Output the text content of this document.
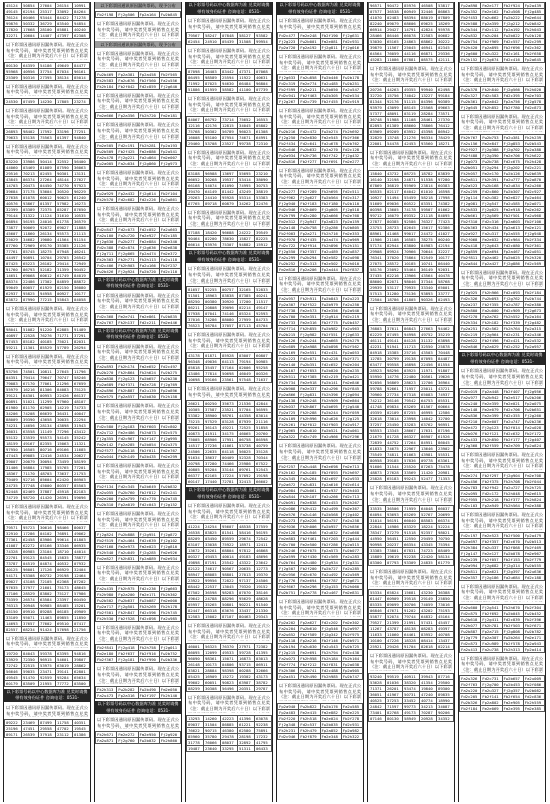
45124	50854	27604	26154	10991
49145	62194	25317	33092	84264
76124	00466	93444	84422	71278
99876	50332	36729	03540	94854
17820	17668	28100	05881	40240
32271	10604	14407	47397	62308
以下彩票因通讯原因漏传票码。现在正式公布中奖号码，请中奖者凭票到销售点兑奖（注：截止日期为开奖后六十日）以下彩票
00130	64359	54186	49649	84477
95968	40956	37754	87034	96161
25309	50316	27395	38134	85014
以下彩票因通讯原因漏传票码。现在正式公布中奖号码，请中奖者凭票到销售点兑奖
24530	07459	14230	17805	23274
以下彩票因通讯原因漏传票码。现在正式公布中奖号码，请中奖者凭票到销售点兑奖（注：截止日期为开奖后六十日）以下彩票
26893	98402	17592	33196	77251
79633	55138	75563	01397	94840
以下彩票因通讯原因漏传票码。现在正式公布中奖号码，请中奖者凭票到销售点兑奖
83220	33986	50414	32552	56400
44060	03469	81089	87590	36063
29516	70213	02455	90301	13131
43845	86374	27264	48144	27627
14703	20473	04450	74770	97923
39684	37175	53604	30520	96229
27638	01078	60012	90025	61240
40576	93867	01357	57982	16273
32399	03389	72375	85287	87650
79144	31322	11124	31610	10535
06894	56195	24016	61778	36579
73877	90069	92072	69027	11888
45607	11860	26134	95573	21113
25029	34682	19080	41564	91154
87760	72969	69170	35385	21126
77761	85745	18275	07948	46241
44497	90891	10704	29703	26542
07425	65223	26102	29414	72949
91760	86793	52182	31359	90452
14651	69068	60612	61749	84019
88374	22486	17302	84859	88872
59049	60057	61929	02150	36080
62937	95825	94958	00927	10177
63872	87990	77215	55843	04058
以下彩票因通讯原因漏传票码。现在正式公布中奖号码，请中奖者凭票到销售点兑奖（注：截止日期为开奖后六十日）以下彩票
98041	51082	91220	62885	91489
40897	12528	76276	71771	37291
97453	85182	40185	75021	82031
59211	11301	85529	57789	26294
以下彩票因通讯原因漏传票码。现在正式公布中奖号码，请中奖者凭票到销售点兑奖
93756	74501	10811	27645	11796
04351	79414	79647	70747	58246
79083	67170	77061	21296	67659
55979	16216	81306	84083	75125
39121	84301	00953	22426	66137
00891	51021	11299	97960	48107
61980	81170	02905	14219	74733
34206	74208	66639	36431	40047
88009	39390	43658	30035	22294
74231	14656	28134	43898	31943
36031	63558	11149	77296	43412
55132	33539	95573	54145	35242
18159	49167	82355	15063	11321
97950	16505	80716	69166	11685
47443	09085	12416	24534	20627
39007	20079	30094	73459	58199
31406	56884	17985	55765	77201
18367	71170	48703	73637	21753
79409	92716	05604	62420	86903
24735	37748	45000	80357	85503
92448	02469	37887	45918	82183
74719	98720	41420	26391	59096
以下彩票因通讯原因漏传票码。现在正式公布中奖号码，请中奖者凭票到销售点兑奖（注：截止日期为开奖后六十日）以下彩票
79571	95723	30616	98466	80037
32910	17286	04102	76891	49062
77361	62458	83986	99614	01803
41087	62272	05166	33346	06935
74328	60985	23104	18710	44014
22701	59123	84545	15835	78877
73787	04519	04874	40532	07932
40125	96001	17126	06929	32404
54171	93308	60732	29198	12464
09027	43108	72105	62368	07202
97635	37977	21601	75173	48645
17106	28529	83802	75127	57986
75359	26574	63584	23397	60450
76313	30948	90985	88485	15201
45150	09910	89288	06185	49909
33109	95071	11463	89855	11850
14693	37657	77602	69510	07417
82557	68234	91424	57698	21756
以下彩票因通讯原因漏传票码。现在正式公布中奖号码，请中奖者凭票到销售点兑奖
19720	84043	59378	63395	94816
53929	72350	96915	54601	39807
72742	32515	53975	63019	28862
56646	59035	23471	39141	62801
49545	91470	92559	95284	65634
60179	83509	21955	77772	03500
以下彩票号码以中心数据库为准 兑奖时请携带有效身份证件 咨询电话：0531-
以下彩票因通讯原因漏传票码。现在正式公布中奖号码，请中奖者凭票到销售点兑奖
09222	23469	87499	11758	40351
25196	47451	29558	47702	19545
89171	26539	37918	23112	01386
以下彩票因通讯原因漏传票码，现予公布
Fb2f198	Fj2g506	Fp2a164	Fw2b845
以下彩票因通讯原因漏传票码。现在正式公布中奖号码，请中奖者凭票到销售点兑奖（注：截止日期为开奖后六十日）以下彩票
以下彩票因通讯原因漏传票码，现予公布
以下彩票因通讯原因漏传票码。现在正式公布中奖号码，请中奖者凭票到销售点兑奖（注：截止日期为开奖后六十日）以下彩票
Fw2b469	Fp2a381	Fp2a458	Fb2f565
Fk2h583	Fa2u676	Fb2f560	Fa2u556
Fk2h184	Fb2f042	Fd2c859	Fj2g640
以下彩票因通讯原因漏传票码。现在正式公布中奖号码，请中奖者凭票到销售点兑奖（注：截止日期为开奖后六十日）以下彩票
Fm2e666	Fp2a356	Fk2h720	Fm2e181
以下彩票因通讯原因漏传票码。现在正式公布中奖号码，请中奖者凭票到销售点兑奖（注：截止日期为开奖后六十日）以下彩票
Fm2e505	Fd2c191	Fk2h281	Fp2a193
Fw2b509	Fb2f425	Fm2e886	Fp2a541
Fa2u478	Fj2g221	Fa2u864	Fm2e007
Fp2a005	Fa2u034	Fj2g860	Fj2g973
以下彩票因通讯原因漏传票码。现在正式公布中奖号码，请中奖者凭票到销售点兑奖（注：截止日期为开奖后六十日）以下彩票
Fp2a929	Fp2a432	Fj2g614	Fb2f104
Fk2h570	Fd2c682	Fd2c226	Fp2a861
以下彩票因通讯原因漏传票码。现在正式公布中奖号码，请中奖者凭票到销售点兑奖（注：截止日期为开奖后六十日）以下彩票
Fd2c847	Fd2c073	Fd2c052	Fa2u663
Fa2u100	Fa2u720	Fm2e927	Fd2c185
Fj2g630	Fw2b277	Fm2e884	Fm2e340
Fd2c388	Fd2c874	Fj2g636	Fm2e838
Fj2g711	Fj2g065	Fp2a474	Fm2e372
Fk2h303	Fk2h771	Fk2h113	Fa2u118
Fd2c406	Fk2h903	Fa2u166	Fb2f237
Fw2b426	Fj2g924	Fw2b720	Fd2c110
以下彩票号码以中心数据库为准 兑奖时请携带有效身份证件 咨询电话：0531-
以下彩票因通讯原因漏传票码。现在正式公布中奖号码，请中奖者凭票到销售点兑奖（注：截止日期为开奖后六十日）以下彩票
Fd2c368	Fm2e741	Fm2e861	Fw2b835
Fa2u767	Fk2h137	Fd2c211	Fm2e446
以下彩票号码以中心数据库为准 兑奖时请携带有效身份证件 咨询电话：0531-
以下彩票因通讯原因漏传票码。现在正式公布中奖号码，请中奖者凭票到销售点兑奖（注：截止日期为开奖后六十日）以下彩票
Fa2u893	Fk2h174	Fm2e652	Fd2c497
Fw2b270	Fk2h864	Fk2h624	Fw2b275
Fp2a838	Fj2g123	Fw2b657	Fw2b230
Fp2a689	Fb2f371	Fm2e728	Fj2g769
Fa2u896	Fk2h887	Fa2u139	Fp2a896
Fm2e575	Fp2a557	Fw2b030	Fk2h158
以下彩票因通讯原因漏传票码。现在正式公布中奖号码，请中奖者凭票到销售点兑奖（注：截止日期为开奖后六十日）以下彩票
Fd2c580	Fj2g183	Fb2f603	Fd2c802
Fa2u712	Fm2e486	Fk2h073	Fd2c575
Fj2g355	Fd2c967	Fb2f147	Fj2g995
Fm2e142	Fp2a285	Fw2b054	Fa2u375
Fb2f577	Fw2b118	Fb2f011	Fm2e767
Fa2u044	Fk2h149	Fw2b435	Fm2e299
以下彩票因通讯原因漏传票码。现在正式公布中奖号码，请中奖者凭票到销售点兑奖（注：截止日期为开奖后六十日）以下彩票
Fb2f134	Fd2c345	Fw2b649	Fw2b832
Fa2u055	Fw2b760	Fb2f812	Fd2c241
Fm2e200	Fp2a759	Fd2c770	Fp2a745
Fw2b310	Fp2a019	Fd2c043	Fj2g152
以下彩票因通讯原因漏传票码。现在正式公布中奖号码，请中奖者凭票到销售点兑奖（注：截止日期为开奖后六十日）以下彩票
Fj2g824	Fw2b888	Fj2g951	Fj2g872
Fb2f519	Fa2u464	Fd2c639	Fj2g102
Fb2f168	Fm2e973	Fm2e023	Fj2g810
Fk2h540	Fa2u049	Fj2g285	Fm2e926
Fm2e827	Fk2h831	Fp2a889	Fm2e934
以下彩票因通讯原因漏传票码。现在正式公布中奖号码，请中奖者凭票到销售点兑奖（注：截止日期为开奖后六十日）以下彩票
Fa2u435	Fk2h975	Fd2c236	Fj2g663
Fk2h980	Fp2a200	Fm2e171	Fk2h362
Fw2b502	Fw2b637	Fw2b087	Fm2e000
Fp2a717	Fj2g501	Fk2h269	Fk2h178
Fb2f501	Fk2h847	Fd2c596	Fk2h745
Fk2h530	Fb2f528	Fd2c898	Fa2u985
以下彩票因通讯原因漏传票码。现在正式公布中奖号码，请中奖者凭票到销售点兑奖（注：截止日期为开奖后六十日）以下彩票
Fb2f841	Fj2g418	Fk2h758	Fj2g011
Fm2e180	Fb2f637	Fb2f916	Fw2b752
Fb2f367	Fj2g181	Fb2f990	Fw2b336
以下彩票因通讯原因漏传票码。现在正式公布中奖号码，请中奖者凭票到销售点兑奖（注：截止日期为开奖后六十日）以下彩票
Fk2h313	Fw2b282	Fw2b490	Fm2e050
Fa2u473	Fp2a316	Fb2f197	Fk2h140
以下彩票号码以中心数据库为准 兑奖时请携带有效身份证件 咨询电话：0531-
以下彩票因通讯原因漏传票码。现在正式公布中奖号码，请中奖者凭票到销售点兑奖
Fk2h671	Fm2e272	Fm2e950	Fj2g920
Fa2u871	Fj2g760	Fw2b032	Fk2h860
以下彩票号码以中心数据库为准 兑奖时请携带有效身份证件 咨询电话：0531-
以下彩票因通讯原因漏传票码。现在正式公布中奖号码，请中奖者凭票到销售点兑奖
79567	58247	07848	58127	93582
62454	24910	05439	31508	99954
以下彩票因通讯原因漏传票码。现在正式公布中奖号码，请中奖者凭票到销售点兑奖（注：截止日期为开奖后六十日）以下彩票
87098	16403	83442	47371	07068
86495	98589	25594	11922	40631
71992	87025	94630	66484	96804
51886	01959	58582	41100	07739
以下彩票因通讯原因漏传票码。现在正式公布中奖号码，请中奖者凭票到销售点兑奖（注：截止日期为开奖后六十日）以下彩票
84067	66792	73714	75652	16553
12116	42176	12815	34045	05802
75768	50302	56789	96023	61308
16008	95100	87954	74671	64991
29460	53708	23527	99738	72310
以下彩票因通讯原因漏传票码。现在正式公布中奖号码，请中奖者凭票到销售点兑奖（注：截止日期为开奖后六十日）以下彩票
83188	96988	13697	55695	23210
06652	30268	19537	53414	38090
66168	54074	61090	74995	30753
39470	64149	81442	43249	38819
29263	24410	95928	55314	53383
67765	89718	60879	34262	32476
以下彩票因通讯原因漏传票码。现在正式公布中奖号码，请中奖者凭票到销售点兑奖（注：截止日期为开奖后六十日）以下彩票
57188	18420	96688	24222	39549
90464	02200	78630	15827	82225
66614	93976	75307	94882	15912
以下彩票号码以中心数据库为准 兑奖时请携带有效身份证件 咨询电话：0531-
以下彩票因通讯原因漏传票码。现在正式公布中奖号码，请中奖者凭票到销售点兑奖（注：截止日期为开奖后六十日）以下彩票
81657	92255	00757	32165	52833
51501	18963	83838	87385	40241
08250	00380	30920	17200	11517
86211	20808	39096	02214	49147
57938	07041	74146	05324	92593
37016	74286	88080	27959	84733
76523	56784	37057	87113	45704
以下彩票因通讯原因漏传票码。现在正式公布中奖号码，请中奖者凭票到销售点兑奖（注：截止日期为开奖后六十日）以下彩票
43178	01871	85928	03007	60807
96348	49036	64113	79194	50985
05818	35457	57164	02006	95258
43486	77814	50698	46049	00326
10698	59166	23561	97548	71637
以下彩票因通讯原因漏传票码。现在正式公布中奖号码，请中奖者凭票到销售点兑奖
26621	00250	35673	21536	42844
10305	37587	23521	57704	56595
53382	38900	98761	44358	83014
75215	97529	03128	87939	21116
99261	36143	49221	72525	51858
40873	41911	34175	46065	20760
75005	68906	17951	06758	86598
14517	27236	41061	53738	40759
24506	22635	64118	56025	35128
91634	38637	00409	52328	70344
20798	37280	74466	25986	67522
40805	95204	33144	09761	52543
66377	62165	17224	57092	19198
60147	17440	72781	32413	66602
以下彩票号码以中心数据库为准 兑奖时请携带有效身份证件 咨询电话：0531-
以下彩票因通讯原因漏传票码。现在正式公布中奖号码，请中奖者凭票到销售点兑奖（注：截止日期为开奖后六十日）以下彩票
41224	24254	95607	48538	37559
26538	83825	81541	58416	56195
88209	03450	89559	29674	72542
63107	33038	75922	18971	12411
13672	35261	68804	97812	46868
00327	49453	40014	49183	48696
49898	87191	25542	43322	23642
82122	74617	90567	20635	12773
98947	68085	98801	27013	19370
23922	99956	72822	97137	24506
68442	22537	13045	79320	19152
67502	36598	98283	07070	38146
49642	24788	88296	95629	48628
05957	35265	50801	90221	91540
82447	66318	63676	33437	21330
52583	15002	87107	80463	29343
以下彩票因通讯原因漏传票码。现在正式公布中奖号码，请中奖者凭票到销售点兑奖（注：截止日期为开奖后六十日）以下彩票
46001	56325	76370	27971	72382
86095	12099	49533	59728	41395
96090	98361	15071	16873	03013
26148	10173	04806	93715	06911
03821	28884	98398	00288	32666
05425	16909	15272	19302	43173
99602	60051	90823	63987	38782
88259	30308	56496	20351	29787
以下彩票因通讯原因漏传票码。现在正式公布中奖号码，请中奖者凭票到销售点兑奖（注：截止日期为开奖后六十日）以下彩票
13293	14260	42223	41396	63078
89037	31504	86885	61221	92238
76622	90715	46380	62580	75891
85960	35780	29478	28198	17232
31778	76066	08037	32892	41795
19487	23640	33295	51311	06433
以下彩票号码以中心数据库为准 兑奖时请携带有效身份证件 咨询电话：0531-
以下彩票因通讯原因漏传票码。现在正式公布中奖号码，请中奖者凭票到销售点兑奖
Fd2c477	Fm2e248	Fb2f190	Fj2g631
Fj2g223	Fw2b001	Fm2e081	Fd2c931
Fp2a720	Fp2a192	Fj2g811	Fj2g016
以下彩票因通讯原因漏传票码。现在正式公布中奖号码，请中奖者凭票到销售点兑奖（注：截止日期为开奖后六十日）以下彩票
Fj2g633	Fa2u858	Fw2b446	Fw2b178
Fd2c319	Fm2e774	Fa2u485	Fw2b251
Fb2f599	Fp2a211	Fw2b050	Fa2u547
Fd2c941	Fb2f463	Fw2b305	Fm2e534
Fj2g267	Fd2c739	Fb2f455	Fd2c919
以下彩票因通讯原因漏传票码。现在正式公布中奖号码，请中奖者凭票到销售点兑奖（注：截止日期为开奖后六十日）以下彩票
Fw2b216	Fd2c472	Fw2b274	Fk2h692
Fj2g250	Fm2e830	Fm2e545	Fb2f366
Fb2f434	Fd2c641	Fa2u678	Fw2b762
Fd2c646	Fw2b632	Fp2a270	Fd2c128
Fp2a934	Fk2h736	Fb2f742	Fj2g432
Fa2u816	Fb2f277	Fb2f691	Fm2e277
以下彩票因通讯原因漏传票码。现在正式公布中奖号码，请中奖者凭票到销售点兑奖（注：截止日期为开奖后六十日）以下彩票
Fa2u277	Fb2f289	Fk2h695	Fd2c511
Fb2f962	Fj2g627	Fw2b564	Fd2c317
Fj2g940	Fb2f183	Fb2f180	Fw2b110
Fd2c946	Fk2h069	Fj2g005	Fj2g518
Fk2h799	Fd2c280	Fp2a666	Fm2e768
Fm2e312	Fj2g947	Fp2a823	Fp2a159
Fp2a148	Fw2b758	Fj2g286	Fw2b805
Fb2f003	Fp2a271	Fk2h716	Fm2e353
Fb2f970	Fb2f435	Fp2a474	Fp2a969
Fd2c722	Fb2f914	Fk2h896	Fk2h151
Fj2g550	Fb2f357	Fa2u489	Fa2u857
Fa2u299	Fw2b294	Fm2e582	Fa2u098
Fw2b252	Fd2c313	Fm2e502	Fk2h010
Fm2e816	Fp2a206	Fp2a444	Fb2f837
以下彩票因通讯原因漏传票码。现在正式公布中奖号码，请中奖者凭票到销售点兑奖（注：截止日期为开奖后六十日）以下彩票
Fa2u957	Fk2h911	Fw2b843	Fa2u223
Fp2a307	Fb2f522	Fw2b979	Fa2u250
Fb2f738	Fm2e573	Fm2e356	Fp2a940
Fa2u700	Fm2e351	Fj2g914	Fd2c219
Fm2e733	Fm2e316	Fb2f775	Fw2b457
Fb2f714	Fk2h855	Fw2b982	Fa2u963
Fw2b215	Fj2g982	Fb2f551	Fj2g633
Fm2e126	Fa2u244	Fp2a665	Fk2h279
Fd2c689	Fp2a988	Fw2b898	Fb2f562
Fa2u169	Fm2e551	Fd2c431	Fp2a053
Fd2c223	Fd2c071	Fa2u228	Fb2f371
Fm2e140	Fw2b351	Fd2c652	Fm2e204
Fw2b107	Fb2f853	Fw2b020	Fp2a235
Fk2h511	Fb2f385	Fd2c219	Fp2a421
Fk2h734	Fm2e918	Fw2b141	Fm2e846
Fw2b908	Fm2e337	Fa2u296	Fb2f845
Fp2a866	Fj2g831	Fk2h396	Fj2g094
Fp2a138	Fk2h248	Fk2h909	Fm2e864
Fk2h037	Fk2h867	Fw2b695	Fj2g540
Fp2a725	Fk2h288	Fw2b244	Fb2f059
Fa2u109	Fk2h996	Fa2u626	Fj2g125
Fk2h261	Fb2f012	Fb2f903	Fa2u917
Fj2g965	Fa2u010	Fw2b521	Fa2u061
Fp2a322	Fd2c749	Fa2u966	Fb2f296
以下彩票因通讯原因漏传票码。现在正式公布中奖号码，请中奖者凭票到销售点兑奖（注：截止日期为开奖后六十日）以下彩票
Fb2f257	Fa2u448	Fm2e698	Fm2e713
Fk2h162	Fa2u185	Fb2f893	Fk2h697
Fa2u345	Fa2u264	Fd2c697	Fa2u933
Fp2a672	Fa2u831	Fp2a616	Fd2c614
Fp2a984	Fw2b061	Fd2c937	Fk2h403
Fa2u844	Fk2h107	Fa2u266	Fd2c713
Fw2b091	Fm2e838	Fd2c453	Fk2h267
Fd2c086	Fk2h412	Fa2u499	Fm2e367
Fm2e576	Fa2u146	Fw2b568	Fj2g402
Fd2c273	Fp2a226	Fa2u757	Fa2u258
Fb2f036	Fk2h006	Fw2b957	Fk2h856
Fm2e128	Fa2u946	Fa2u032	Fa2u668
Fm2e883	Fb2f461	Fb2f203	Fj2g444
Fd2c700	Fm2e500	Fb2f286	Fp2a515
Fk2h246	Fb2f075	Fp2a573	Fw2b077
Fp2a599	Fb2f430	Fd2c569	Fa2u283
Fw2b764	Fa2u480	Fj2g934	Fj2g331
Fj2g507	Fb2f200	Fw2b727	Fa2u285
Fd2c956	Fd2c670	Fa2u492	Fa2u569
Fj2g776	Fm2e694	Fb2f787	Fj2g671
Fb2f667	Fm2e296	Fj2g153	Fk2h060
Fw2b751	Fp2a778	Fa2u467	Fm2e831
以下彩票因通讯原因漏传票码。现在正式公布中奖号码，请中奖者凭票到销售点兑奖（注：截止日期为开奖后六十日）以下彩票
Fp2a202	Fp2a627	Fd2c202	Fm2e302
Fa2u204	Fw2b610	Fj2g546	Fp2a997
Fa2u652	Fb2f589	Fj2g342	Fb2f975
Fp2a118	Fp2a216	Fb2f146	Fw2b971
Fw2b194	Fa2u030	Fa2u543	Fw2b725
Fj2g215	Fm2e691	Fk2h794	Fd2c438
Fa2u073	Fk2h958	Fk2h184	Fk2h164
Fb2f774	Fb2f212	Fb2f831	Fp2a038
Fk2h306	Fw2b741	Fd2c488	Fp2a905
Fp2a451	Fk2h490	Fk2h985	Fw2b747
以下彩票因通讯原因漏传票码。现在正式公布中奖号码，请中奖者凭票到销售点兑奖（注：截止日期为开奖后六十日）以下彩票
Fp2a940	Fw2b822	Fw2b176	Fa2u585
Fp2a483	Fm2e415	Fm2e882	Fm2e225
Fb2f220	Fk2h518	Fm2e024	Fb2f278
Fj2g348	Fd2c537	Fw2b035	Fd2c931
Fk2h231	Fk2h479	Fp2a852	Fp2a982
Fd2c946	Fb2f879	Fm2e348	Fk2h322
96571	90472	85976	46508	53817
07577	36538	60949	32446	86863
41070	02483	98394	88019	07809
82240	09079	68606	69625	18269
66914	29427	14791	42824	95978
28466	86446	66078	32583	00682
53030	65165	24863	68862	30222
39879	11567	25045	46941	02345
64564	76059	44116	66871	29336
45283	11086	07881	08575	42111
以下彩票因通讯原因漏传票码。现在正式公布中奖号码，请中奖者凭票到销售点兑奖（注：截止日期为开奖后六十日）以下彩票
20726	44263	49355	99940	62498
32720	15756	74042	13227	99184
81344	92176	51115	04396	90389
93979	43099	08145	25568	09663
57377	48091	03119	28284	73571
36748	51988	11108	28461	27370
82893	61389	68660	78866	76412
63969	09209	63952	45398	86942
32829	13748	21276	96334	78429
22001	54478	42453	93560	18271
以下彩票因通讯原因漏传票码。现在正式公布中奖号码，请中奖者凭票到销售点兑奖（注：截止日期为开奖后六十日）以下彩票
15840	43732	08725	18782	83839
16140	32198	24871	51538	97280
67869	36819	95969	23814	60383
56535	02117	64042	61010	16598
10927	51494	55459	58218	17998
51609	69036	60522	03351	74382
00398	13605	74178	59507	01662
99712	16079	69352	21118	84095
27877	80385	92586	76327	77423
23753	28733	02645	15617	92386
88961	41468	99017	24472	41027
11906	21108	16585	78275	00240
57174	82944	63800	84983	42194
29908	09924	70966	70644	32227
76341	37020	75864	52549	10177
27075	28572	10185	10741	86440
58176	25092	55464	36149	92031
37435	62216	13966	43564	40478
88600	82071	98046	37344	58768
29939	53117	79935	33340	65001
57513	31280	75136	93893	33777
72504	18786	41805	90326	02493
以下彩票因通讯原因漏传票码。现在正式公布中奖号码，请中奖者凭票到销售点兑奖（注：截止日期为开奖后六十日）以下彩票
76803	37611	86843	27663	94462
62229	07495	94998	49752	35219
46111	49141	04128	31132	63898
42231	91941	11713	32550	25878
04918	15385	25716	43503	70448
12785	30799	19138	07095	84487
63477	99558	16898	22456	81554
28923	98296	03925	11971	91807
55950	14776	22480	30561	19626
92056	56869	28623	12706	36964
59788	92661	71957	25011	43721
70960	27734	67318	65083	74937
74212	36146	79542	64753	05531
41748	69834	63269	81567	60664
49359	02109	87255	46995	12586
32618	73014	23998	14042	32700
37257	25450	33283	63762	96951
98553	13345	28667	17631	87196
21679	01728	06327	86907	61926
72839	44752	17264	84951	86045
61833	74675	22967	13646	23902
75549	74811	61063	43981	55531
80958	39185	57836	09778	63361
91606	31544	25520	87263	75478
48873	27628	33569	11420	20981
25828	65183	99243	52477	71353
以下彩票因通讯原因漏传票码。现在正式公布中奖号码，请中奖者凭票到销售点兑奖（注：截止日期为开奖后六十日）以下彩票
33535	36506	71959	64048	66037
64094	93693	65269	52767	20699
31014	56191	66040	88583	66374
22844	14986	03329	18224	52224
78347	37279	91518	92357	98021
44950	56451	12550	29459	70750
90998	20237	66354	43345	75394
33385	73801	67831	74723	88409
15889	19619	92238	22420	58134
03300	07793	93309	24835	61779
以下彩票因通讯原因漏传票码。现在正式公布中奖号码，请中奖者凭票到销售点兑奖（注：截止日期为开奖后六十日）以下彩票
55334	65824	15681	43230	36388
61447	60909	39518	29149	25850
85335	89099	30706	74059	73016
06846	47671	91202	43202	75193
55877	52074	79744	64832	45164
79527	21399	21991	57431	45457
11267	43787	48138	08283	49397
11633	11060	64461	83952	40708
10100	47226	18328	08414	13437
25921	29426	91704	82618	02214
以下彩票因通讯原因漏传票码。现在正式公布中奖号码，请中奖者凭票到销售点兑奖（注：截止日期为开奖后六十日）以下彩票
93240	99519	40911	39943	87716
53628	01036	38320	41354	29500
71371	26201	93474	19840	89300
36051	41967	50731	47240	89835
40525	37253	33452	40774	18990
24842	71597	99773	34213	34087
73401	82768	49173	70287	90206
07146	80130	58949	20928	34352
Fp2a898	Fm2e177	Fb2f924	Fp2a439
Fa2u352	Fm2e162	Fa2u508	Fj2g485
Fb2f453	Fa2u662	Fw2b222	Fm2e644
Fk2h588	Fp2a359	Fj2g212	Fw2b842
Fw2b344	Fd2c112	Fp2a192	Fk2h043
Fa2u832	Fa2u204	Fw2b022	Fw2b128
Fw2b754	Fb2f969	Fd2c557	Fd2c299
Fk2h420	Fp2a895	Fb2f696	Fd2c362
Fj2g600	Fa2u322	Fd2c161	Fb2f658
Fk2h152	Fj2g674	Fd2c416	Fp2a645
以下彩票因通讯原因漏传票码。现在正式公布中奖号码，请中奖者凭票到销售点兑奖（注：截止日期为开奖后六十日）以下彩票
Fw2b378	Fk2h840	Fj2g566	Fk2h020
Fd2c327	Fd2c583	Fd2c395	Fm2e703
Fw2b361	Fp2a042	Fp2a756	Fj2g578
Fj2g645	Fk2h852	Fb2f780	Fd2c873
以下彩票因通讯原因漏传票码。现在正式公布中奖号码，请中奖者凭票到销售点兑奖（注：截止日期为开奖后六十日）以下彩票
Fk2h767	Fw2b753	Fa2u381	Fk2h239
Fa2u156	Fm2e847	Fj2g853	Fw2b543
Fb2f927	Fj2g388	Fj2g702	Fp2a388
Fb2f488	Fj2g390	Fm2e706	Fk2h622
Fj2g073	Fw2b738	Fd2c675	Fk2h428
Fw2b051	Fj2g294	Fj2g202	Fd2c221
Fk2h057	Fm2e170	Fw2b126	Fw2b639
Fm2e811	Fk2h391	Fa2u777	Fp2a870
Fp2a523	Fw2b168	Fa2u034	Fa2u260
Fa2u259	Fd2c860	Fw2b307	Fd2c927
Fj2g114	Fa2u382	Fm2e827	Fp2a464
Fj2g081	Fj2g547	Fa2u585	Fp2a071
Fk2h833	Fj2g025	Fm2e918	Fm2e262
Fw2b661	Fj2g569	Fb2f501	Fa2u968
Fb2f310	Fd2c316	Fp2a603	Fb2f100
Fw2b363	Fk2h434	Fp2a613	Fm2e121
Fp2a927	Fa2u317	Fp2a555	Fj2g948
Fb2f068	Fm2e032	Fd2c964	Fb2f334
Fa2u418	Fj2g643	Fd2c080	Fb2f361
Fj2g859	Fp2a694	Fp2a467	Fa2u051
Fb2f811	Fp2a462	Fw2b025	Fk2h320
Fp2a844	Fp2a427	Fj2g886	Fd2c569
以下彩票因通讯原因漏传票码。现在正式公布中奖号码，请中奖者凭票到销售点兑奖（注：截止日期为开奖后六十日）以下彩票
Fj2g925	Fk2h966	Fd2c093	Fb2f184
Fd2c326	Fw2b093	Fj2g762	Fw2b744
Fp2a237	Fb2f355	Fa2u787	Fm2e380
Fk2h800	Fa2u000	Fd2c909	Fj2g673
Fb2f270	Fp2a762	Fk2h552	Fp2a164
Fk2h334	Fk2h182	Fb2f339	Fj2g482
Fp2a251	Fd2c562	Fk2h764	Fp2a315
Fd2c219	Fj2g964	Fd2c231	Fa2u346
Fm2e622	Fb2f496	Fd2c421	Fa2u532
Fm2e846	Fp2a029	Fd2c252	Fp2a957
以下彩票号码以中心数据库为准 兑奖时请携带有效身份证件 咨询电话：0531-
以下彩票因通讯原因漏传票码。现在正式公布中奖号码，请中奖者凭票到销售点兑奖（注：截止日期为开奖后六十日）以下彩票
Fd2c019	Fp2a448	Fb2f407	Fj2g956
Fa2u977	Fw2b942	Fm2e517	Fw2b206
Fa2u240	Fm2e359	Fm2e021	Fp2a075
Fm2e148	Fm2e079	Fd2c706	Fw2b651
Fa2u836	Fm2e399	Fd2c355	Fj2g260
Fb2f210	Fm2e007	Fa2u747	Fw2b236
Fm2e472	Fj2g123	Fb2f014	Fa2u028
Fw2b076	Fb2f121	Fd2c632	Fb2f172
Fa2u433	Fk2h850	Fb2f177	Fj2g407
Fj2g368	Fb2f559	Fm2e709	Fp2a824
以下彩票因通讯原因漏传票码。现在正式公布中奖号码，请中奖者凭票到销售点兑奖（注：截止日期为开奖后六十日）以下彩票
Fm2e274	Fb2f297	Fj2g904	Fm2e708
Fa2u456	Fb2f375	Fk2h708	Fb2f044
Fa2u783	Fb2f942	Fa2u727	Fk2h725
Fa2u095	Fd2c172	Fk2h048	Fm2e615
Fb2f955	Fk2h218	Fb2f377	Fk2h824
Fd2c103	Fp2a949	Fk2h564	Fm2e388
以下彩票因通讯原因漏传票码。现在正式公布中奖号码，请中奖者凭票到销售点兑奖（注：截止日期为开奖后六十日）以下彩票
Fd2c197	Fm2e523	Fb2f500	Fp2a479
Fp2a697	Fb2f357	Fd2c670	Fw2b513
Fk2h384	Fa2u337	Fb2f868	Fb2f469
Fj2g147	Fm2e127	Fw2b078	Fm2e967
Fm2e239	Fb2f057	Fb2f153	Fb2f779
Fp2a994	Fj2g682	Fj2g314	Fw2b555
Fk2h811	Fp2a621	Fj2g397	Fa2u636
Fm2e357	Fj2g186	Fa2u684	Fd2c188
以下彩票因通讯原因漏传票码。现在正式公布中奖号码，请中奖者凭票到销售点兑奖（注：截止日期为开奖后六十日）以下彩票
Fa2u600	Fj2g541	Fk2h670	Fb2f304
Fd2c875	Fb2f692	Fw2b045	Fw2b452
Fw2b618	Fj2g411	Fd2c839	Fb2f396
Fk2h077	Fk2h781	Fb2f503	Fb2f671
Fw2b887	Fp2a715	Fj2g808	Fw2b782
Fj2g779	Fp2a307	Fw2b264	Fm2e171
Fd2c873	Fa2u989	Fb2f578	Fp2a943
Fa2u413	Fa2u738	Fk2h313	Fp2a414
以下彩票因通讯原因漏传票码。现在正式公布中奖号码，请中奖者凭票到销售点兑奖（注：截止日期为开奖后六十日）以下彩票
Fa2u326	Fd2c731	Fw2b657	Fa2u009
Fb2f763	Fj2g700	Fw2b453	Fb2f086
Fa2u220	Fa2u327	Fj2g357	Fw2b082
Fd2c205	Fb2f141	Fb2f654	Fd2c836
Fw2b326	Fp2a802	Fm2e905	Fk2h559
Fb2f184	Fm2e069	Fm2e395	Fm2e385
